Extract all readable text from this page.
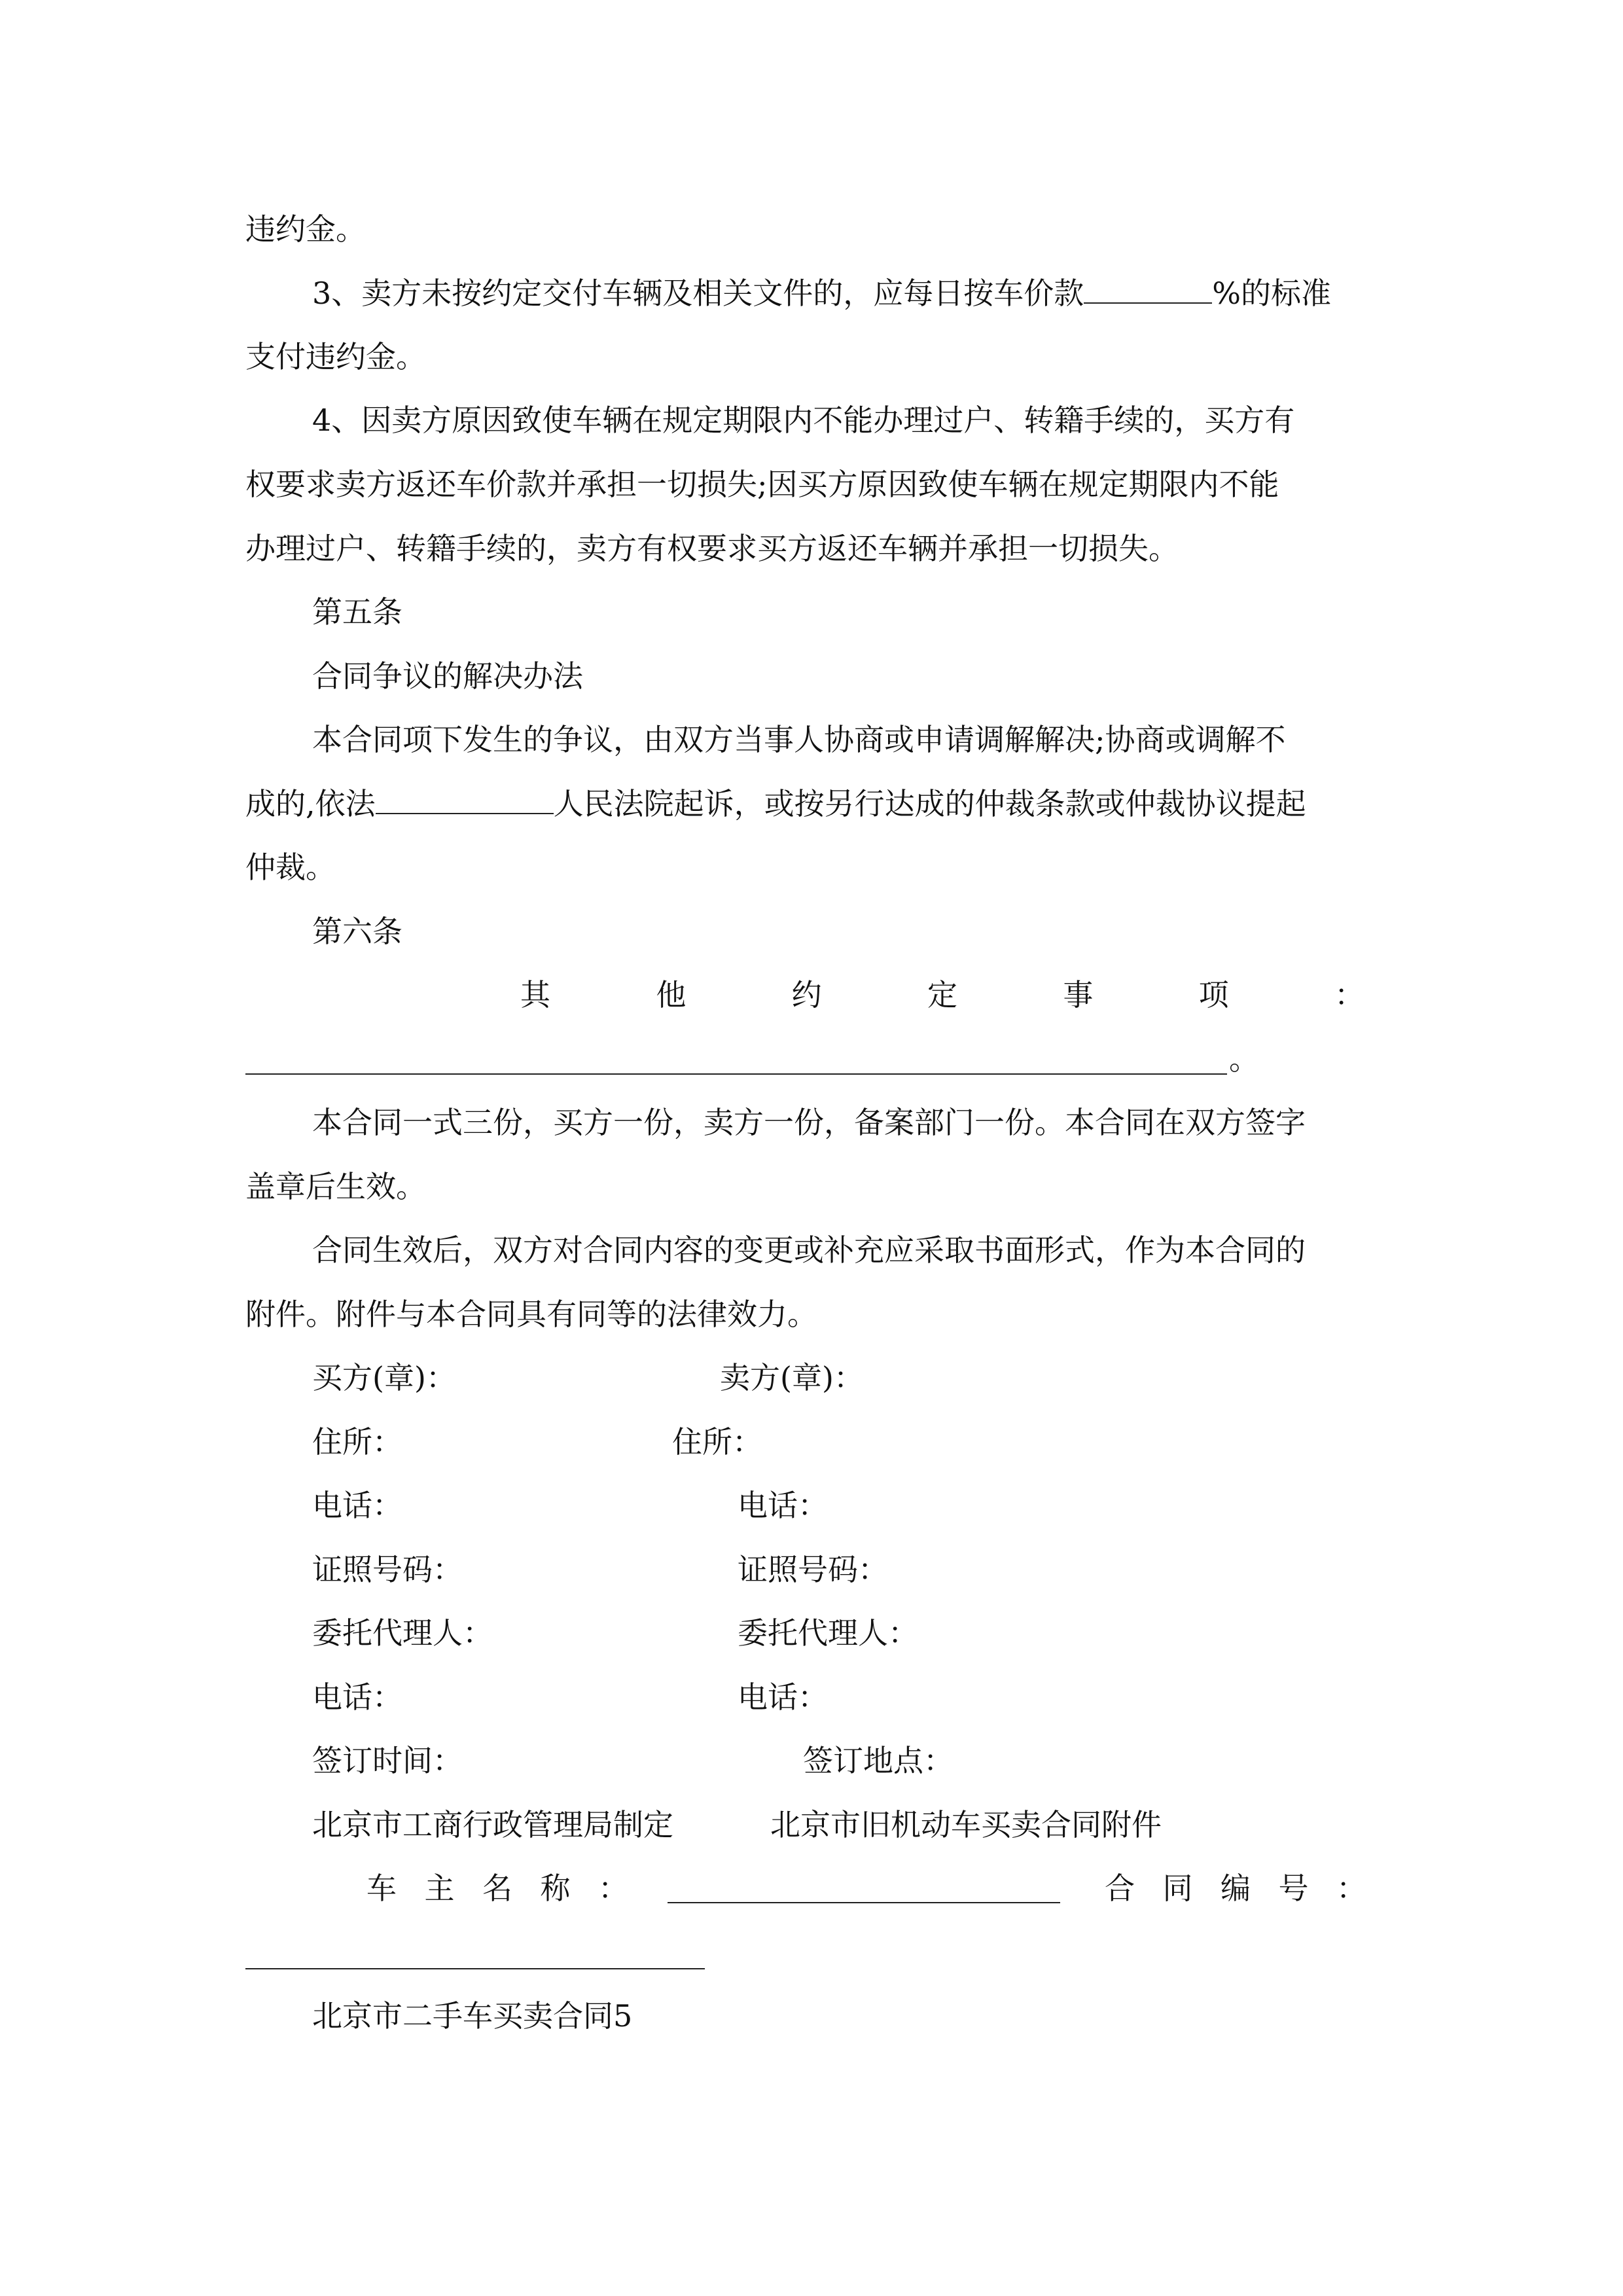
违约金。
3、卖方未按约定交付车辆及相关文件的，应每日按车价款	%的标准
支付违约金。
4、因卖方原因致使车辆在规定期限内不能办理过户、转籍手续的，买方有
权要求卖方返还车价款并承担一切损失;因买方原因致使车辆在规定期限内不能
办理过户、转籍手续的，卖方有权要求买方返还车辆并承担一切损失。
第五条
合同争议的解决办法
本合同项下发生的争议，由双方当事人协商或申请调解解决;协商或调解不
成的,依法	人民法院起诉，或按另行达成的仲裁条款或仲裁协议提起
仲裁。
第六条
其	他	约	定	事	项	：
。
本合同一式三份，买方一份，卖方一份，备案部门一份。本合同在双方签字
盖章后生效。
合同生效后，双方对合同内容的变更或补充应采取书面形式，作为本合同的
附件。附件与本合同具有同等的法律效力。
买方(章)：	卖方(章)：
住所：	住所：
电话：	电话：
证照号码：	证照号码：
委托代理人：	委托代理人：
电话：	电话：
签订时间：	签订地点：
北京市工商行政管理局制定	北京市旧机动车买卖合同附件
车 主 名 称 ：	合 同 编 号 ：
北京市二手车买卖合同5
